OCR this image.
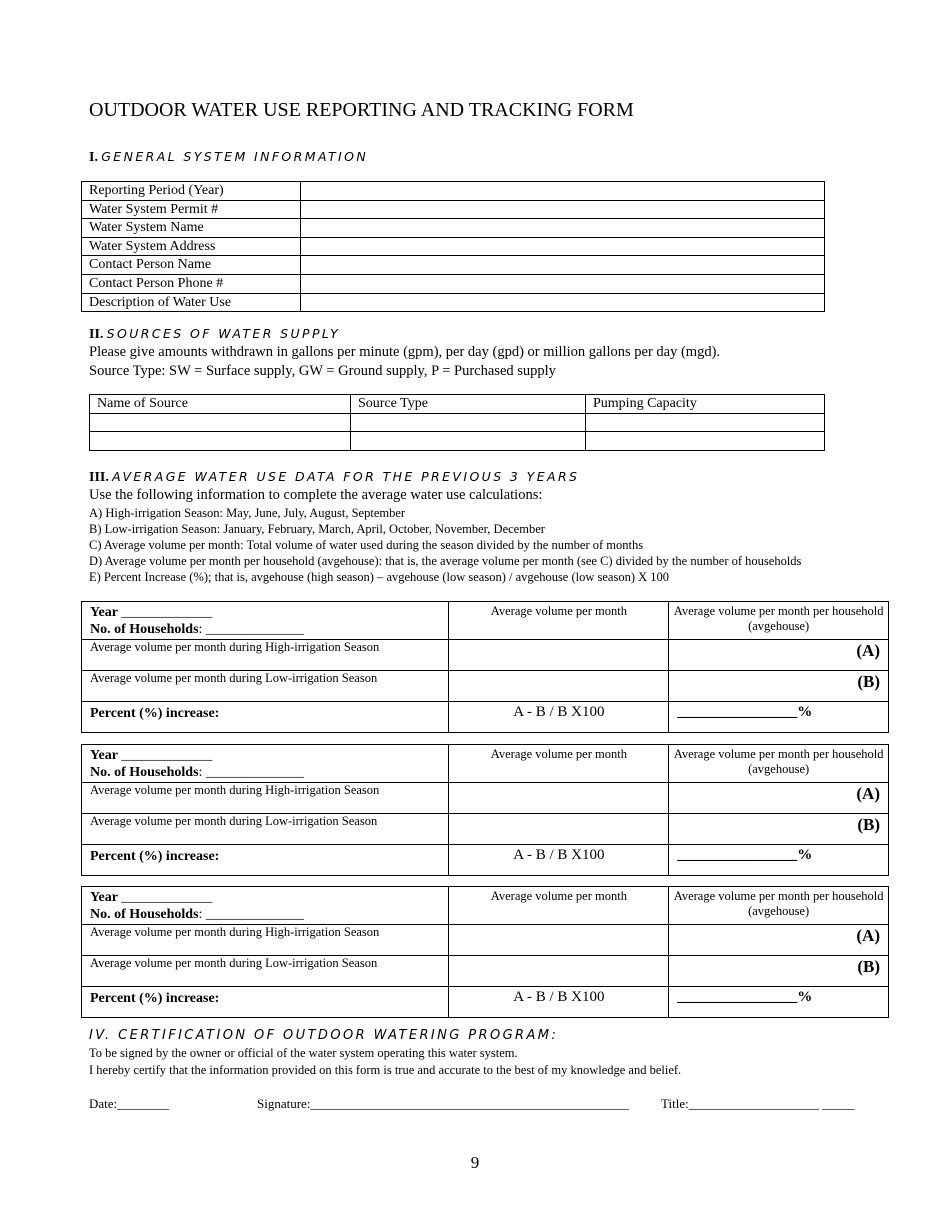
OUTDOOR WATER USE REPORTING AND TRACKING FORM
I. GENERAL SYSTEM INFORMATION
Reporting Period (Year)	
Water System Permit #	
Water System Name	
Water System Address	
Contact Person Name	
Contact Person Phone #	
Description of Water Use	
II. SOURCES OF WATER SUPPLY
Please give amounts withdrawn in gallons per minute (gpm), per day (gpd) or million gallons per day (mgd).
Source Type: SW = Surface supply, GW = Ground supply, P = Purchased supply
Name of Source	Source Type	Pumping Capacity

III. AVERAGE WATER USE DATA FOR THE PREVIOUS 3 YEARS
Use the following information to complete the average water use calculations:
A) High-irrigation Season: May, June, July, August, September
B) Low-irrigation Season: January, February, March, April, October, November, December
C) Average volume per month: Total volume of water used during the season divided by the number of months
D) Average volume per month per household (avgehouse): that is, the average volume per month (see C) divided by the number of households
E) Percent Increase (%); that is, avgehouse (high season) – avgehouse (low season) / avgehouse (low season) X 100
Year _____________
No. of Households: ______________	Average volume per month	Average volume per month per household (avgehouse)
Average volume per month during High-irrigation Season		(A)
Average volume per month during Low-irrigation Season		(B)
Percent (%) increase:	A - B / B X100	________________%
Year _____________
No. of Households: ______________	Average volume per month	Average volume per month per household (avgehouse)
Average volume per month during High-irrigation Season		(A)
Average volume per month during Low-irrigation Season		(B)
Percent (%) increase:	A - B / B X100	________________%
Year _____________
No. of Households: ______________	Average volume per month	Average volume per month per household (avgehouse)
Average volume per month during High-irrigation Season		(A)
Average volume per month during Low-irrigation Season		(B)
Percent (%) increase:	A - B / B X100	________________%
IV. CERTIFICATION OF OUTDOOR WATERING PROGRAM:
To be signed by the owner or official of the water system operating this water system.
I hereby certify that the information provided on this form is true and accurate to the best of my knowledge and belief.
Date:________	Signature:_________________________________________________ Title:____________________ _____
9
